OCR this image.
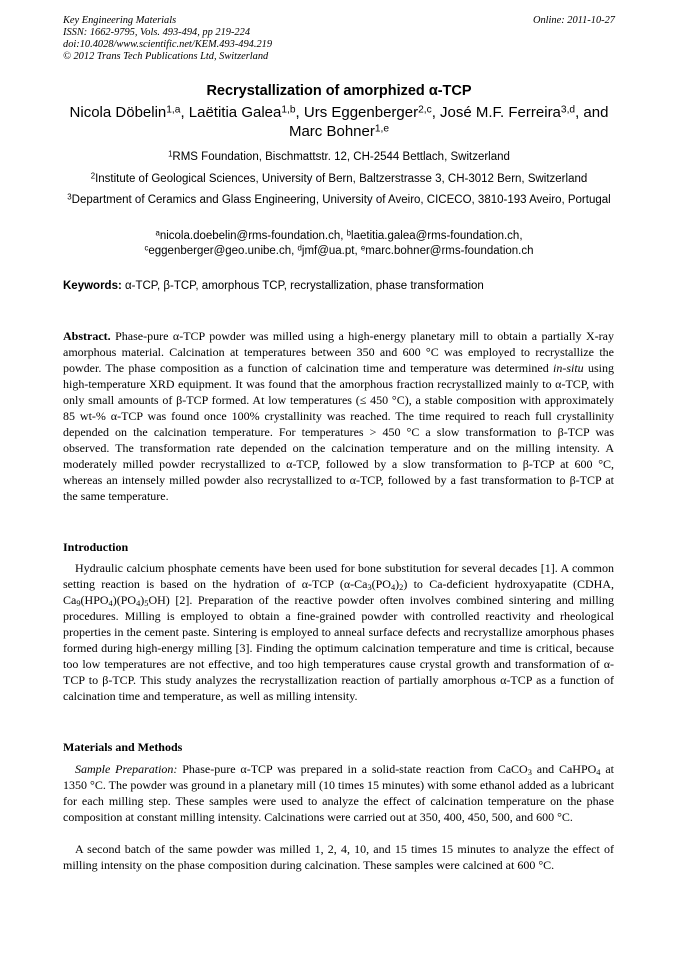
Key Engineering Materials
ISSN: 1662-9795, Vols. 493-494, pp 219-224
doi:10.4028/www.scientific.net/KEM.493-494.219
© 2012 Trans Tech Publications Ltd, Switzerland
Online: 2011-10-27
Recrystallization of amorphized α-TCP
Nicola Döbelin$^{1,a}$, Laëtitia Galea$^{1,b}$, Urs Eggenberger$^{2,c}$, José M.F. Ferreira$^{3,d}$, and Marc Bohner$^{1,e}$
$^1$RMS Foundation, Bischmattstr. 12, CH-2544 Bettlach, Switzerland
$^2$Institute of Geological Sciences, University of Bern, Baltzerstrasse 3, CH-3012 Bern, Switzerland
$^3$Department of Ceramics and Glass Engineering, University of Aveiro, CICECO, 3810-193 Aveiro, Portugal
$^a$nicola.doebelin@rms-foundation.ch, $^b$laetitia.galea@rms-foundation.ch,
$^c$eggenberger@geo.unibe.ch, $^d$jmf@ua.pt, $^e$marc.bohner@rms-foundation.ch
Keywords: α-TCP, β-TCP, amorphous TCP, recrystallization, phase transformation
Abstract. Phase-pure α-TCP powder was milled using a high-energy planetary mill to obtain a partially X-ray amorphous material. Calcination at temperatures between 350 and 600 °C was employed to recrystallize the powder. The phase composition as a function of calcination time and temperature was determined in-situ using high-temperature XRD equipment. It was found that the amorphous fraction recrystallized mainly to α-TCP, with only small amounts of β-TCP formed. At low temperatures (≤ 450 °C), a stable composition with approximately 85 wt-% α-TCP was found once 100% crystallinity was reached. The time required to reach full crystallinity depended on the calcination temperature. For temperatures > 450 °C a slow transformation to β-TCP was observed. The transformation rate depended on the calcination temperature and on the milling intensity. A moderately milled powder recrystallized to α-TCP, followed by a slow transformation to β-TCP at 600 °C, whereas an intensely milled powder also recrystallized to α-TCP, followed by a fast transformation to β-TCP at the same temperature.
Introduction
Hydraulic calcium phosphate cements have been used for bone substitution for several decades [1]. A common setting reaction is based on the hydration of α-TCP $(\alpha-Ca_3(PO_4)_2)$ to Ca-deficient hydroxyapatite (CDHA, $Ca_9(HPO_4)(PO_4)_5OH$) [2]. Preparation of the reactive powder often involves combined sintering and milling procedures. Milling is employed to obtain a fine-grained powder with controlled reactivity and rheological properties in the cement paste. Sintering is employed to anneal surface defects and recrystallize amorphous phases formed during high-energy milling [3]. Finding the optimum calcination temperature and time is critical, because too low temperatures are not effective, and too high temperatures cause crystal growth and transformation of α-TCP to β-TCP. This study analyzes the recrystallization reaction of partially amorphous α-TCP as a function of calcination time and temperature, as well as milling intensity.
Materials and Methods
Sample Preparation: Phase-pure α-TCP was prepared in a solid-state reaction from CaCO$_3$ and CaHPO$_4$ at 1350 °C. The powder was ground in a planetary mill (10 times 15 minutes) with some ethanol added as a lubricant for each milling step. These samples were used to analyze the effect of calcination temperature on the phase composition at constant milling intensity. Calcinations were carried out at 350, 400, 450, 500, and 600 °C.
A second batch of the same powder was milled 1, 2, 4, 10, and 15 times 15 minutes to analyze the effect of milling intensity on the phase composition during calcination. These samples were calcined at 600 °C.
